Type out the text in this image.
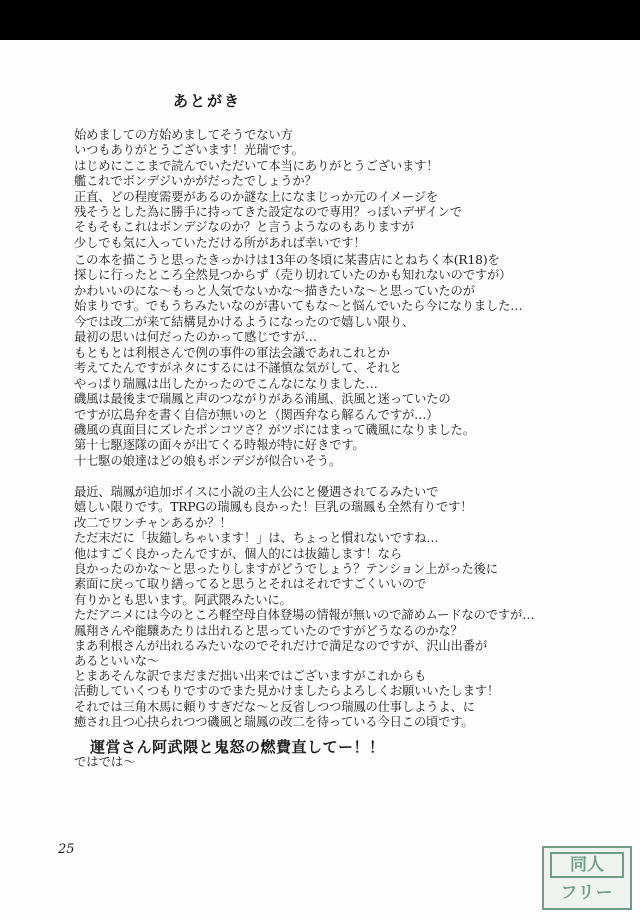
あとがき
始めましての方始めましてそうでない方
いつもありがとうございます！光瑞です。
はじめにここまで読んでいただいて本当にありがとうございます！
艦これでボンデジいかがだったでしょうか？
正直、どの程度需要があるのか謎な上になまじっか元のイメージを
残そうとした為に勝手に持ってきた設定なので専用？っぽいデザインで
そもそもこれはボンデジなのか？と言うようなのもありますが
少しでも気に入っていただける所があれば幸いです！
この本を描こうと思ったきっかけは13年の冬頃に某書店にとねちく本(R18)を
探しに行ったところ全然見つからず（売り切れていたのかも知れないのですが）
かわいいのにな〜もっと人気でないかな〜描きたいな〜と思っていたのが
始まりです。でもうちみたいなのが書いてもな〜と悩んでいたら今になりました…
今では改二が来て結構見かけるようになったので嬉しい限り、
最初の思いは何だったのかって感じですが…
もともとは利根さんで例の事件の軍法会議であれこれとか
考えてたんですがネタにするには不謹慎な気がして、それと
やっぱり瑞鳳は出したかったのでこんなになりました…
磯風は最後まで瑞鳳と声のつながりがある浦風、浜風と迷っていたの
ですが広島弁を書く自信が無いのと（関西弁なら解るんですが…）
磯風の真面目にズレたポンコツさ？がツボにはまって磯風になりました。
第十七駆逐隊の面々が出てくる時報が特に好きです。
十七駆の娘達はどの娘もボンデジが似合いそう。
最近、瑞鳳が追加ボイスに小説の主人公にと優遇されてるみたいで
嬉しい限りです。TRPGの瑞鳳も良かった！巨乳の瑞鳳も全然有りです！
改二でワンチャンあるか？！
ただ末だに「抜錨しちゃいます！」は、ちょっと慣れないですね…
他はすごく良かったんですが、個人的には抜錨します！なら
良かったのかな〜と思ったりしますがどうでしょう？テンション上がった後に
素面に戻って取り繕ってると思うとそれはそれですごくいいので
有りかとも思います。阿武隈みたいに。
ただアニメには今のところ軽空母自体登場の情報が無いので諦めムードなのですが…
鳳翔さんや龍驤あたりは出れると思っていたのですがどうなるのかな？
まあ利根さんが出れるみたいなのでそれだけで満足なのですが、沢山出番が
あるといいな〜
とまあそんな訳でまだまだ拙い出来ではございますがこれからも
活動していくつもりですのでまた見かけましたらよろしくお願いいたします！
それでは三角木馬に頼りすぎだな〜と反省しつつ瑞鳳の仕事しようよ、に
癒され且つ心抉られつつ磯風と瑞鳳の改二を待っている今日この頃です。
運営さん阿武隈と鬼怒の燃費直してー！！
ではでは〜
25
同人
フリー
